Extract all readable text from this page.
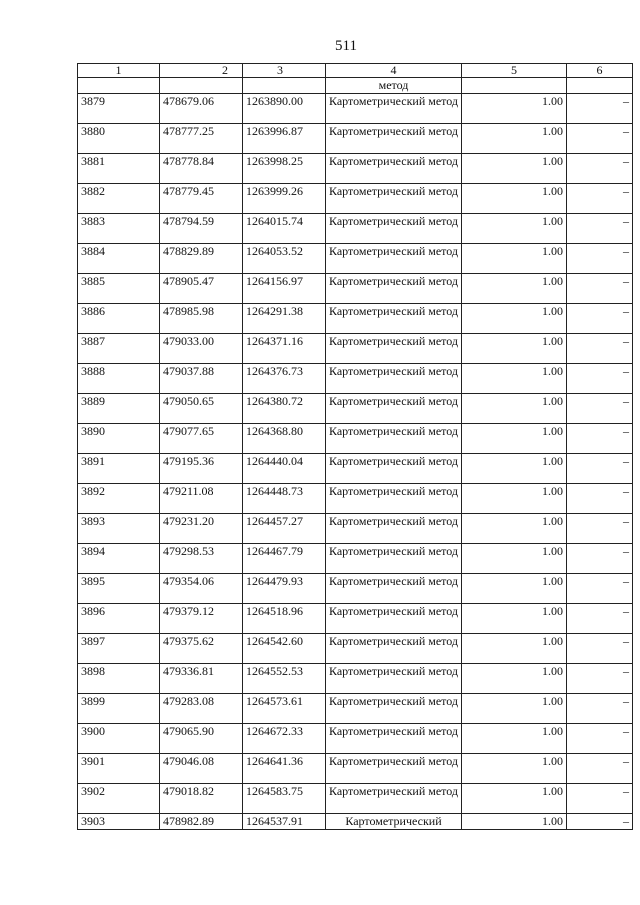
511
1	2	3	4	5	6
			метод		
3879	478679.06	1263890.00	Картометрический метод	1.00	–
3880	478777.25	1263996.87	Картометрический метод	1.00	–
3881	478778.84	1263998.25	Картометрический метод	1.00	–
3882	478779.45	1263999.26	Картометрический метод	1.00	–
3883	478794.59	1264015.74	Картометрический метод	1.00	–
3884	478829.89	1264053.52	Картометрический метод	1.00	–
3885	478905.47	1264156.97	Картометрический метод	1.00	–
3886	478985.98	1264291.38	Картометрический метод	1.00	–
3887	479033.00	1264371.16	Картометрический метод	1.00	–
3888	479037.88	1264376.73	Картометрический метод	1.00	–
3889	479050.65	1264380.72	Картометрический метод	1.00	–
3890	479077.65	1264368.80	Картометрический метод	1.00	–
3891	479195.36	1264440.04	Картометрический метод	1.00	–
3892	479211.08	1264448.73	Картометрический метод	1.00	–
3893	479231.20	1264457.27	Картометрический метод	1.00	–
3894	479298.53	1264467.79	Картометрический метод	1.00	–
3895	479354.06	1264479.93	Картометрический метод	1.00	–
3896	479379.12	1264518.96	Картометрический метод	1.00	–
3897	479375.62	1264542.60	Картометрический метод	1.00	–
3898	479336.81	1264552.53	Картометрический метод	1.00	–
3899	479283.08	1264573.61	Картометрический метод	1.00	–
3900	479065.90	1264672.33	Картометрический метод	1.00	–
3901	479046.08	1264641.36	Картометрический метод	1.00	–
3902	479018.82	1264583.75	Картометрический метод	1.00	–
3903	478982.89	1264537.91	Картометрический	1.00	–
